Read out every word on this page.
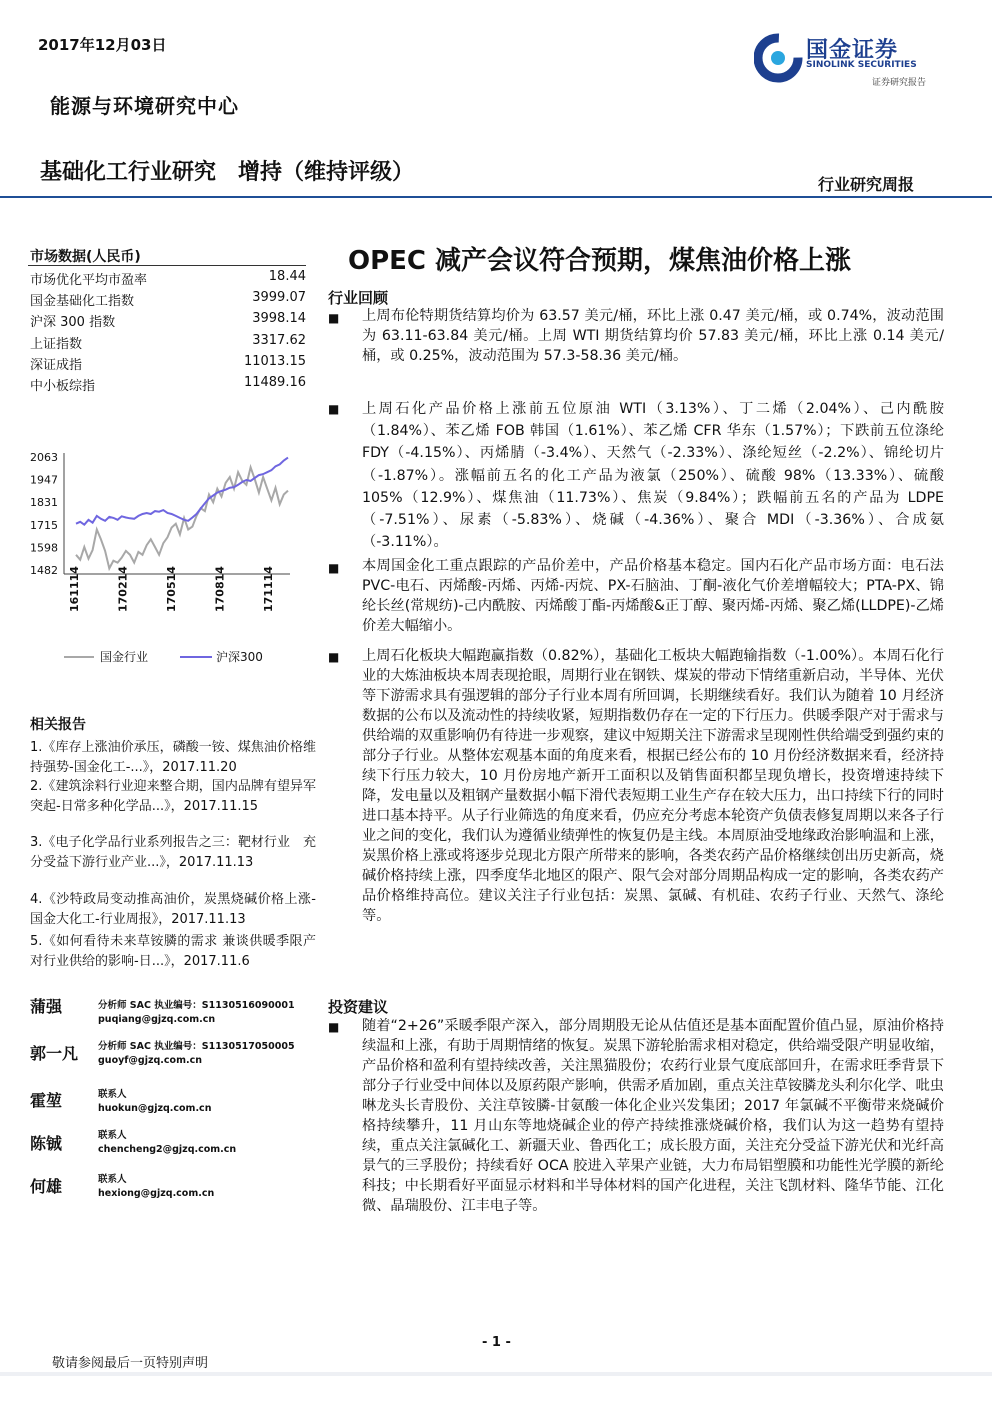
2017年12月03日
能源与环境研究中心
基础化工行业研究　增持（维持评级）	行业研究周报
国金证券
SINOLINK SECURITIES
证券研究报告
市场数据(人民币)
市场优化平均市盈率	18.44
国金基础化工指数	3999.07
沪深 300 指数	3998.14
上证指数	3317.62
深证成指	11013.15
中小板综指	11489.16
2063
1947
1831
1715
1598
1482 161114	170214	170514	170814	171114
国金行业	沪深300
相关报告
1.《库存上涨油价承压，磷酸一铵、煤焦油价格维持强势-国金化工-...》，2017.11.20
2.《建筑涂料行业迎来整合期，国内品牌有望异军突起-日常多种化学品...》，2017.11.15
3.《电子化学品行业系列报告之三：靶材行业　充分受益下游行业产业...》，2017.11.13
4.《沙特政局变动推高油价，炭黑烧碱价格上涨-国金大化工-行业周报》，2017.11.13
5.《如何看待未来草铵膦的需求 兼谈供暖季限产对行业供给的影响-日...》，2017.11.6
蒲强	分析师 SAC 执业编号：S1130516090001
puqiang@gjzq.com.cn
郭一凡 分析师 SAC 执业编号：S1130517050005
guoyf@gjzq.com.cn
霍堃	联系人
huokun@gjzq.com.cn
陈铖	联系人
chencheng2@gjzq.com.cn
何雄	联系人
hexiong@gjzq.com.cn
OPEC 减产会议符合预期，煤焦油价格上涨
行业回顾
■ 上周布伦特期货结算均价为 63.57 美元/桶，环比上涨 0.47 美元/桶，或 0.74%，波动范围为 63.11-63.84 美元/桶。上周 WTI 期货结算均价 57.83 美元/桶，环比上涨 0.14 美元/桶，或 0.25%，波动范围为 57.3-58.36 美元/桶。
■ 上周石化产品价格上涨前五位原油 WTI（3.13%）、丁二烯（2.04%）、己内酰胺（1.84%）、苯乙烯 FOB 韩国（1.61%）、苯乙烯 CFR 华东（1.57%）；下跌前五位涤纶 FDY（-4.15%）、丙烯腈（-3.4%）、天然气（-2.33%）、涤纶短丝（-2.2%）、锦纶切片（-1.87%）。涨幅前五名的化工产品为液氯（250%）、硫酸 98%（13.33%）、硫酸 105%（12.9%）、煤焦油（11.73%）、焦炭（9.84%）；跌幅前五名的产品为 LDPE（-7.51%）、尿素（-5.83%）、烧碱（-4.36%）、聚合 MDI（-3.36%）、合成氨（-3.11%）。
■ 本周国金化工重点跟踪的产品价差中，产品价格基本稳定。国内石化产品市场方面：电石法 PVC-电石、丙烯酸-丙烯、丙烯-丙烷、PX-石脑油、丁酮-液化气价差增幅较大；PTA-PX、锦纶长丝(常规纺)-己内酰胺、丙烯酸丁酯-丙烯酸&正丁醇、聚丙烯-丙烯、聚乙烯(LLDPE)-乙烯价差大幅缩小。
■ 上周石化板块大幅跑赢指数（0.82%），基础化工板块大幅跑输指数（-1.00%）。本周石化行业的大炼油板块本周表现抢眼，周期行业在钢铁、煤炭的带动下情绪重新启动，半导体、光伏等下游需求具有强逻辑的部分子行业本周有所回调，长期继续看好。我们认为随着 10 月经济数据的公布以及流动性的持续收紧，短期指数仍存在一定的下行压力。供暖季限产对于需求与供给端的双重影响仍有待进一步观察，建议中短期关注下游需求呈现刚性供给端受到强约束的部分子行业。从整体宏观基本面的角度来看，根据已经公布的 10 月份经济数据来看，经济持续下行压力较大，10 月份房地产新开工面积以及销售面积都呈现负增长，投资增速持续下降，发电量以及粗钢产量数据小幅下滑代表短期工业生产存在较大压力，出口持续下行的同时进口基本持平。从子行业筛选的角度来看，仍应充分考虑本轮资产负债表修复周期以来各子行业之间的变化，我们认为遵循业绩弹性的恢复仍是主线。本周原油受地缘政治影响温和上涨，炭黑价格上涨或将逐步兑现北方限产所带来的影响，各类农药产品价格继续创出历史新高，烧碱价格持续上涨，四季度华北地区的限产、限气会对部分周期品构成一定的影响，各类农药产品价格维持高位。建议关注子行业包括：炭黑、氯碱、有机硅、农药子行业、天然气、涤纶等。
投资建议
■ 随着“2+26”采暖季限产深入，部分周期股无论从估值还是基本面配置价值凸显，原油价格持续温和上涨，有助于周期情绪的恢复。炭黑下游轮胎需求相对稳定，供给端受限产明显收缩，产品价格和盈利有望持续改善，关注黑猫股份；农药行业景气度底部回升，在需求旺季背景下部分子行业受中间体以及原药限产影响，供需矛盾加剧，重点关注草铵膦龙头利尔化学、吡虫啉龙头长青股份、关注草铵膦-甘氨酸一体化企业兴发集团；2017 年氯碱不平衡带来烧碱价格持续攀升，11 月山东等地烧碱企业的停产持续推涨烧碱价格，我们认为这一趋势有望持续，重点关注氯碱化工、新疆天业、鲁西化工；成长股方面，关注充分受益下游光伏和光纤高景气的三孚股份；持续看好 OCA 胶进入苹果产业链，大力布局铝塑膜和功能性光学膜的新纶科技；中长期看好平面显示材料和半导体材料的国产化进程，关注飞凯材料、隆华节能、江化微、晶瑞股份、江丰电子等。
- 1 -
敬请参阅最后一页特别声明
